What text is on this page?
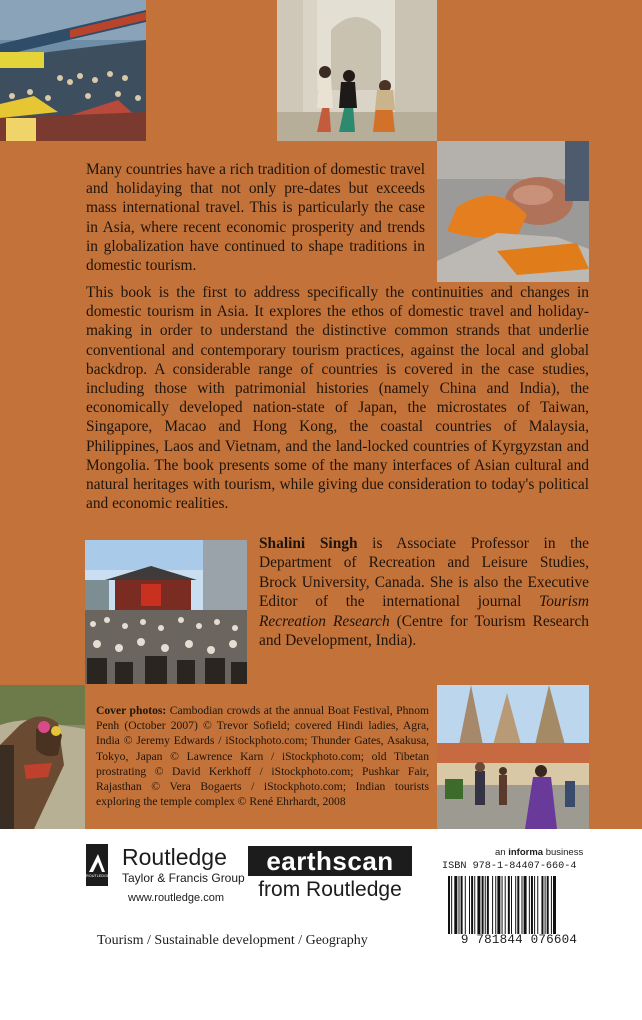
Many countries have a rich tradition of domestic travel and holidaying that not only pre-dates but exceeds mass international travel. This is particularly the case in Asia, where recent economic prosperity and trends in globalization have continued to shape traditions in domestic tourism.
This book is the first to address specifically the continuities and changes in domestic tourism in Asia. It explores the ethos of domestic travel and holiday-making in order to understand the distinctive common strands that underlie conventional and contemporary tourism practices, against the local and global backdrop. A considerable range of countries is covered in the case studies, including those with patrimonial histories (namely China and India), the economically developed nation-state of Japan, the microstates of Taiwan, Singapore, Macao and Hong Kong, the coastal countries of Malaysia, Philippines, Laos and Vietnam, and the land-locked countries of Kyrgyzstan and Mongolia. The book presents some of the many interfaces of Asian cultural and natural heritages with tourism, while giving due consideration to today's political and economic realities.
Shalini Singh is Associate Professor in the Department of Recreation and Leisure Studies, Brock University, Canada. She is also the Executive Editor of the international journal Tourism Recreation Research (Centre for Tourism Research and Development, India).
Cover photos: Cambodian crowds at the annual Boat Festival, Phnom Penh (October 2007) © Trevor Sofield; covered Hindi ladies, Agra, India © Jeremy Edwards / iStockphoto.com; Thunder Gates, Asakusa, Tokyo, Japan © Lawrence Karn / iStockphoto.com; old Tibetan prostrating © David Kerkhoff / iStockphoto.com; Pushkar Fair, Rajasthan © Vera Bogaerts / iStockphoto.com; Indian tourists exploring the temple complex © René Ehrhardt, 2008
ROUTLEDGE
Routledge
Taylor & Francis Group
www.routledge.com
earthscan
from Routledge
an informa business
ISBN 978-1-84407-660-4
9 781844 076604
Tourism / Sustainable development / Geography
